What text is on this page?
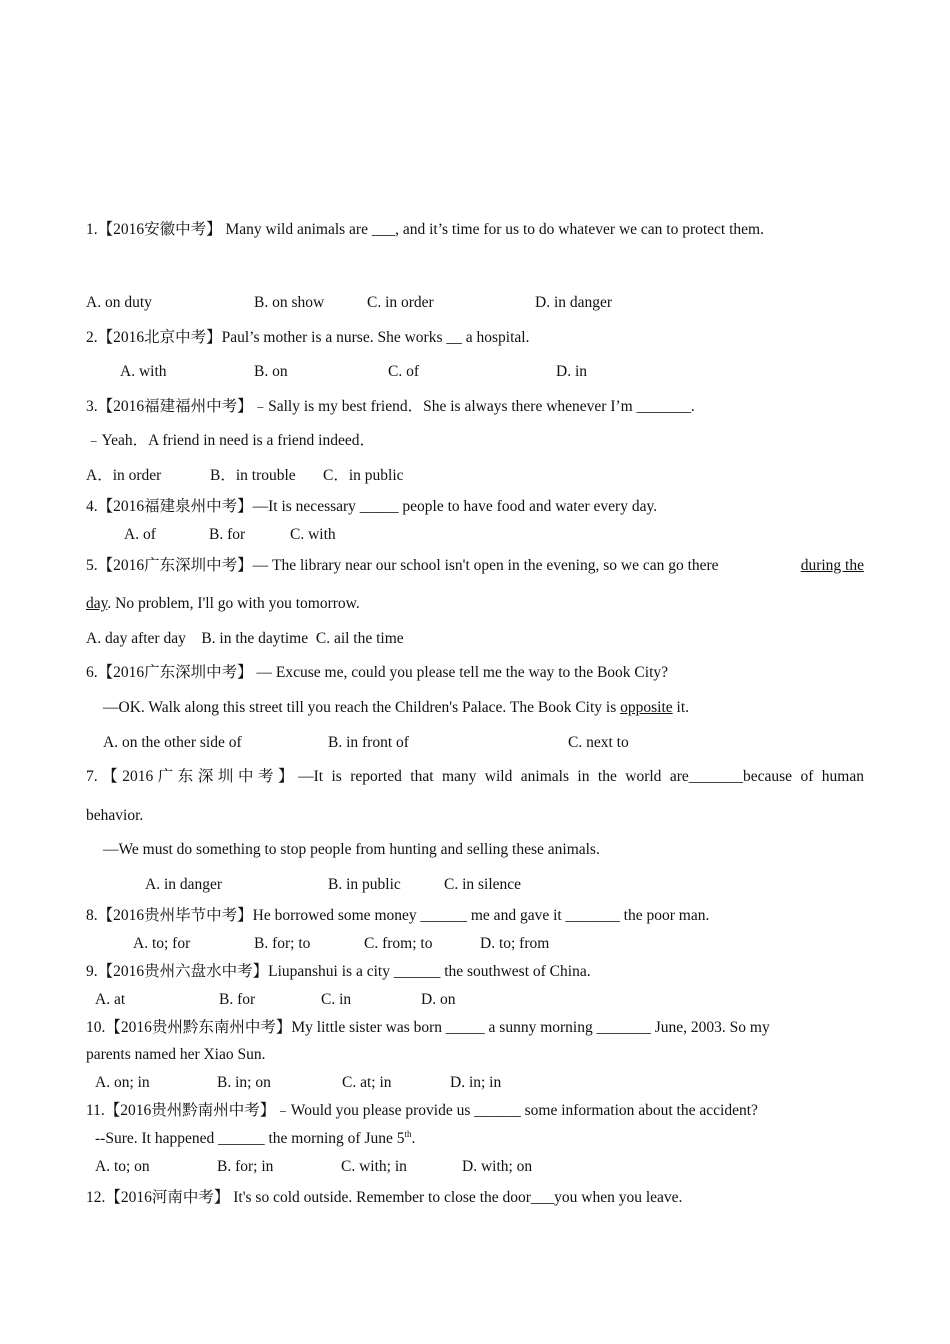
1.【2016安徽中考】 Many wild animals are ___, and it’s time for us to do whatever we can to protect them.
A. on duty	B. on show	C. in order	D. in danger
2.【2016北京中考】Paul’s mother is a nurse. She works __ a hospital.
A. with	B. on	C. of	D. in
3.【2016福建福州中考】﹣Sally is my best friend．She is always there whenever I’m _______.
﹣Yeah．A friend in need is a friend indeed．
A．in order	B．in trouble C．in public
4.【2016福建泉州中考】—It is necessary _____ people to have food and water every day.
A. of	B. for	C. with
5.【2016广东深圳中考】— The library near our school isn't open in the evening, so we can go there	during the
day. No problem, I'll go with you tomorrow.
A. day after day    B. in the daytime  C. ail the time
6.【2016广东深圳中考】 — Excuse me, could you please tell me the way to the Book City?
—OK. Walk along this street till you reach the Children's Palace. The Book City is opposite it.
A. on the other side of	B. in front of	C. next to
7.【2016广东深圳中考】—It is reported that many wild animals in the world are_______because of human
behavior.
—We must do something to stop people from hunting and selling these animals.
A. in danger	B. in public	C. in silence
8.【2016贵州毕节中考】He borrowed some money ______ me and gave it _______ the poor man.
A. to; for	B. for; to	C. from; to	D. to; from
9.【2016贵州六盘水中考】Liupanshui is a city ______ the southwest of China.
A. at	B. for	C. in	D. on
10.【2016贵州黔东南州中考】My little sister was born _____ a sunny morning _______ June, 2003. So my
parents named her Xiao Sun.
A. on; in	B. in; on	C. at; in	D. in; in
11.【2016贵州黔南州中考】﹣Would you please provide us ______ some information about the accident?
--Sure. It happened ______ the morning of June 5th.
A. to; on	B. for; in	C. with; in	D. with; on
12.【2016河南中考】 It's so cold outside. Remember to close the door___you when you leave.
